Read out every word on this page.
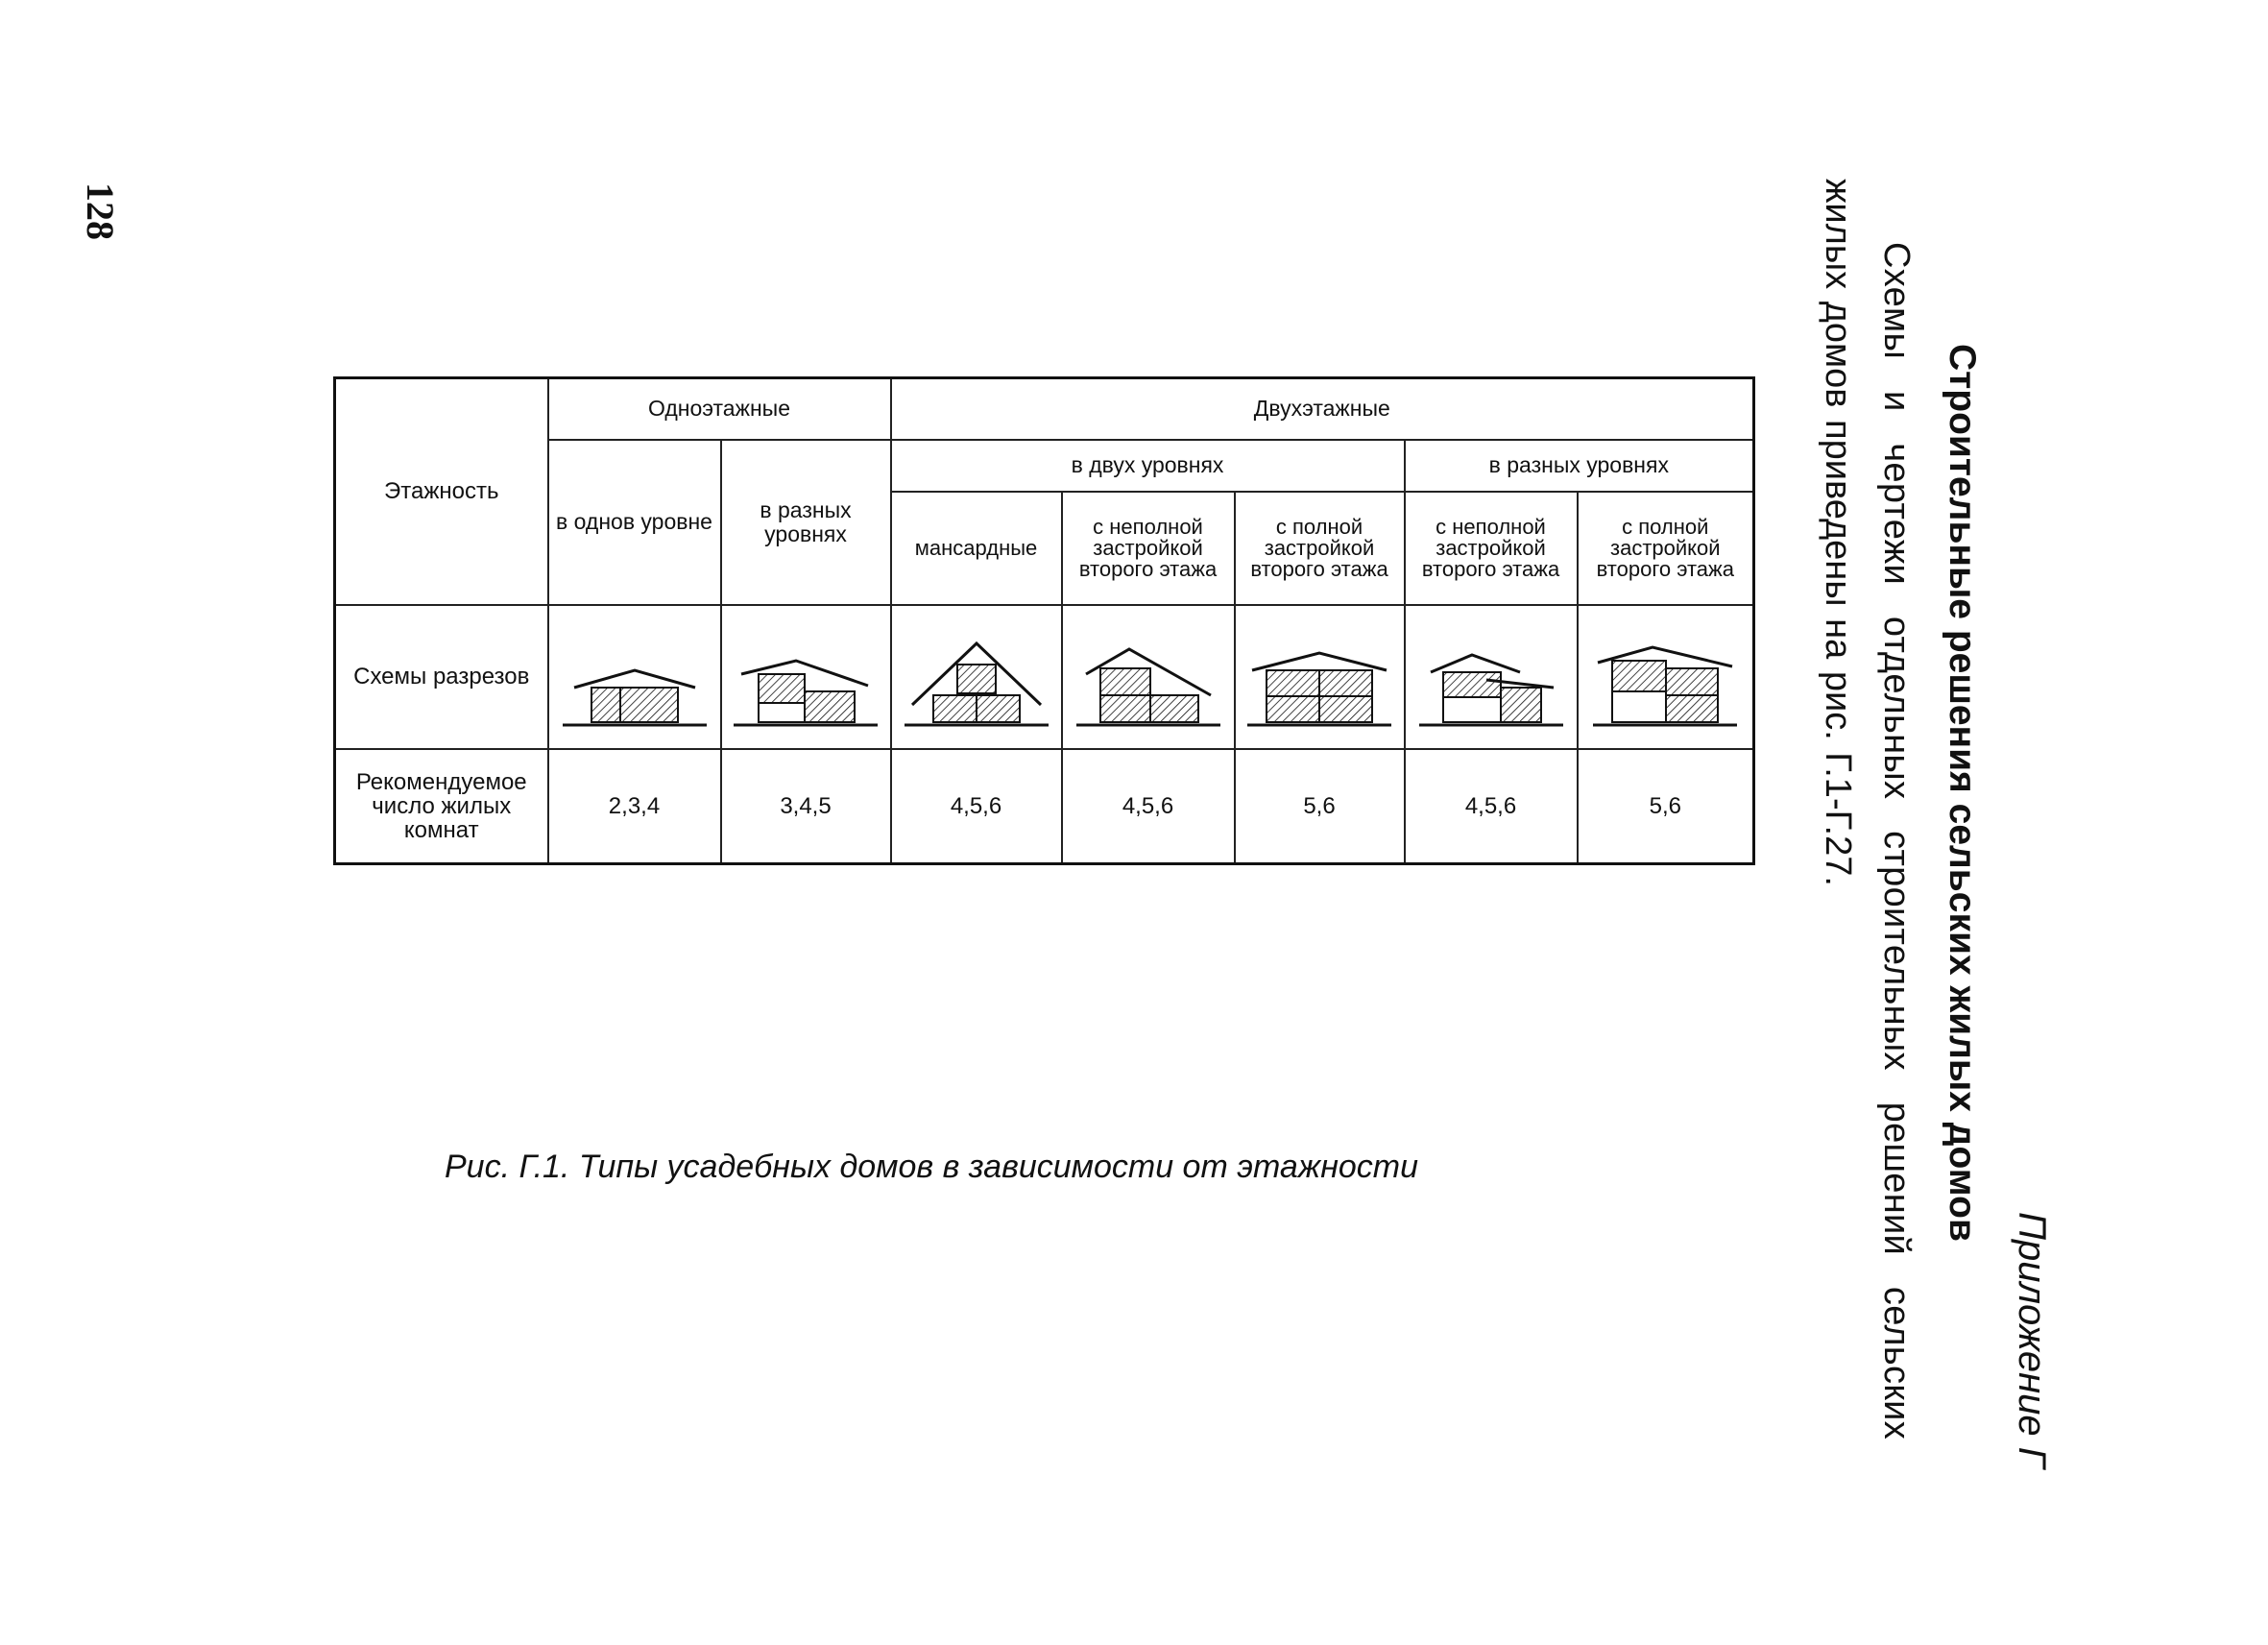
128
Приложение Г
Строительные решения сельских жилых домов
Схемы и чертежи отдельных строительных решений сельских
жилых домов приведены на рис. Г.1-Г.27.
Этажность	Одноэтажные		Двухэтажные				
	в однов уровне	в разных уровнях	в двух уровнях			в разных уровнях	
			мансардные	с неполной застройкой второго этажа	с полной застройкой второго этажа	с неполной застройкой второго этажа	с полной застройкой второго этажа
Схемы разрезов	

Рекомендуемое число жилых комнат	2,3,4	3,4,5	4,5,6	4,5,6	5,6	4,5,6	5,6
Рис. Г.1. Типы усадебных домов в зависимости от этажности
